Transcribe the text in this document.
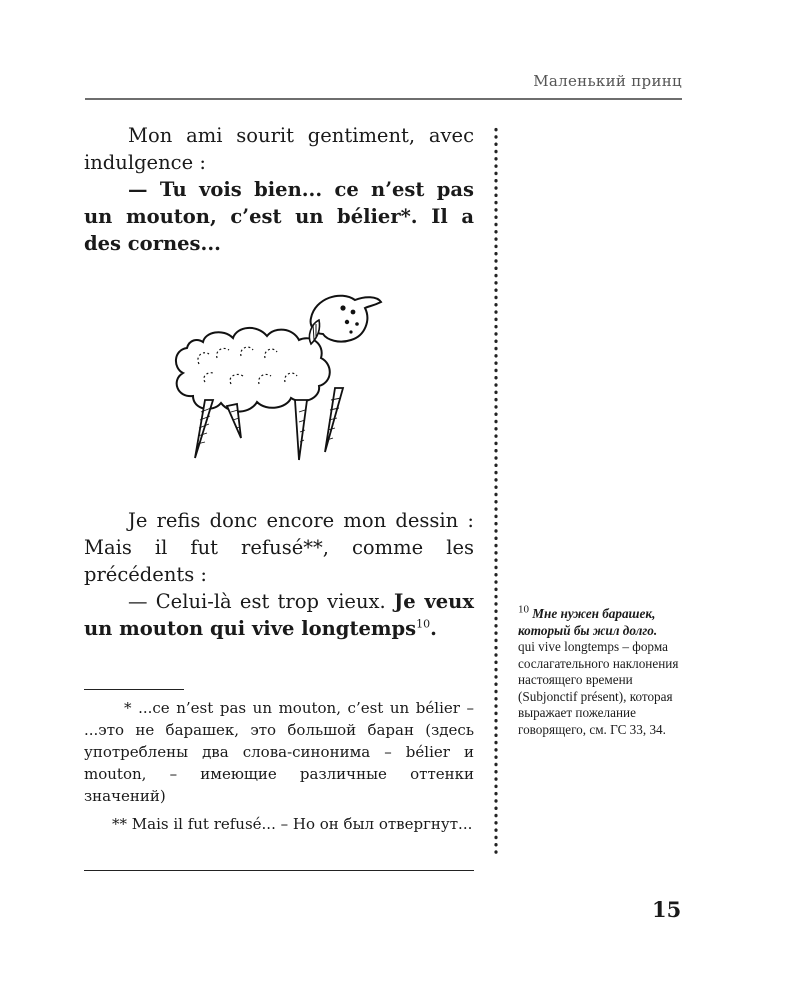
Маленький принц

Mon ami sourit gentiment, avec indulgence :

— Tu vois bien... ce n’est pas un mouton, c’est un bélier*. Il a des cornes...

Je refis donc encore mon dessin : Mais il fut refusé**, comme les précédents :

— Celui-là est trop vieux. Je veux un mouton qui vive longtemps$^{10}$.

* ...ce n’est pas un mouton, c’est un bélier – ...это не барашек, это большой баран (здесь употреблены два слова-синонима – bélier и mouton, – имеющие различные оттенки значений)

** Mais il fut refusé... – Но он был отвергнут...

$^{10}$ Мне нужен барашек, который бы жил долго.
qui vive longtemps – форма сослагательного наклонения настоящего времени (Subjonctif présent), которая выражает пожелание говорящего, см. ГС 33, 34.
15
